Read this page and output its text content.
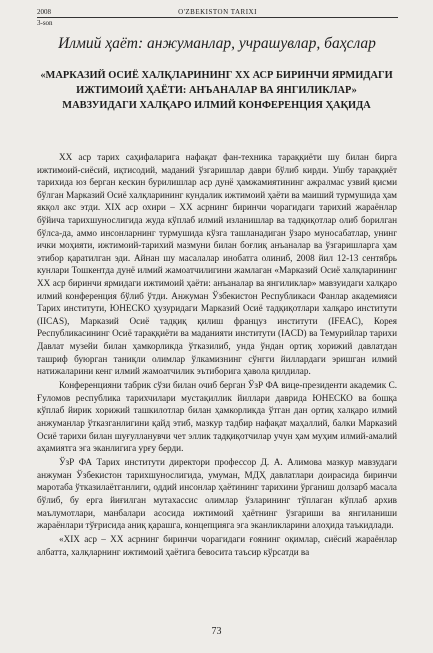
2008	O'ZBEKISTON TARIXI
3-son
Илмий ҳаёт: анжуманлар, учрашувлар, баҳслар
«МАРКАЗИЙ ОСИЁ ХАЛҚЛАРИНИНГ ХХ АСР БИРИНЧИ ЯРМИДАГИ ИЖТИМОИЙ ҲАЁТИ: АНЪАНАЛАР ВА ЯНГИЛИКЛАР» МАВЗУИДАГИ ХАЛҚАРО ИЛМИЙ КОНФЕРЕНЦИЯ ҲАҚИДА

ХХ аср тарих саҳифаларига нафақат фан-техника тараққиёти шу билан бирга ижтимоий-сиёсий, иқтисодий, маданий ўзгаришлар даври бўлиб кирди. Ушбу тараққиёт тарихида юз берган кескин бурилишлар аср дунё ҳамжамиятининг ажралмас узвий қисми бўлган Марказий Осиё халқларининг кундалик ижтимоий ҳаёти ва маиший турмушида ҳам якқол акс этди. XIX аср охири – XX асрнинг биринчи чорагидаги тарихий жараёнлар бўйича тарихшунослигида жуда кўплаб илмий изланишлар ва тадқиқотлар олиб борилган бўлса-да, аммо инсонларнинг турмушида кўзга ташланадиган ўзаро муносабатлар, унинг ички моҳияти, ижтимоий-тарихий мазмуни билан боғлиқ анъаналар ва ўзгаришларга ҳам этибор қаратилган эди. Айнан шу масалалар инобатга олиниб, 2008 йил 12-13 сентябрь кунлари Тошкентда дунё илмий жамоатчилигини жамлаган «Марказий Осиё халқларининг ХХ аср биринчи ярмидаги ижтимоий ҳаёти: анъаналар ва янгиликлар» мавзуидаги халқаро илмий конференция бўлиб ўтди. Анжуман Ўзбекистон Республикаси Фанлар академияси Тарих институти, ЮНЕСКО ҳузуридаги Марказий Осиё тадқиқотлари халқаро институти (IICAS), Марказий Осиё тадқиқ қилиш француз институти (IFEAC), Корея Республикасининг Осиё тараққиёти ва маданияти институти (IACD) ва Темурийлар тарихи Давлат музейи билан ҳамкорликда ўтказилиб, унда ўндан ортиқ хорижий давлатдан ташриф буюрган таниқли олимлар ўлкамизнинг сўнгги йиллардаги эришган илмий натижаларини кенг илмий жамоатчилик эътиборига ҳавола қилдилар.

Конференцияни табрик сўзи билан очиб берган ЎзР ФА вице-президенти академик С. Ғуломов республика тарихчилари мустақиллик йиллари даврида ЮНЕСКО ва бошқа кўплаб йирик хорижий ташкилотлар билан ҳамкорликда ўтган дан ортиқ халқаро илмий анжуманлар ўтказганлигини қайд этиб, мазкур тадбир нафақат маҳаллий, балки Марказий Осиё тарихи билан шуғулланувчи чет эллик тадқиқотчилар учун ҳам муҳим илмий-амалий аҳамиятга эга эканлигига урғу берди.

ЎзР ФА Тарих институти директори профессор Д. А. Алимова мазкур мавзудаги анжуман Ўзбекистон тарихшунослигида, умуман, МДҲ давлатлари доирасида биринчи маротаба ўтказилаётганлиги, оддий инсонлар ҳаётининг тарихини ўрганиш долзарб масала бўлиб, бу ерга йиғилган мутахассис олимлар ўзларининг тўплаган кўплаб архив маълумотлари, манбалари асосида ижтимоий ҳаётнинг ўзгариши ва янгиланиши жараёнлари тўғрисида аниқ қарашга, концепцияга эга эканликларини алоҳида таъкидлади.

«XIX аср – ХХ асрнинг биринчи чорагидаги ғоянинг оқимлар, сиёсий жараёнлар албатта, халқларнинг ижтимоий ҳаётига бевосита таъсир кўрсатди ва

73
